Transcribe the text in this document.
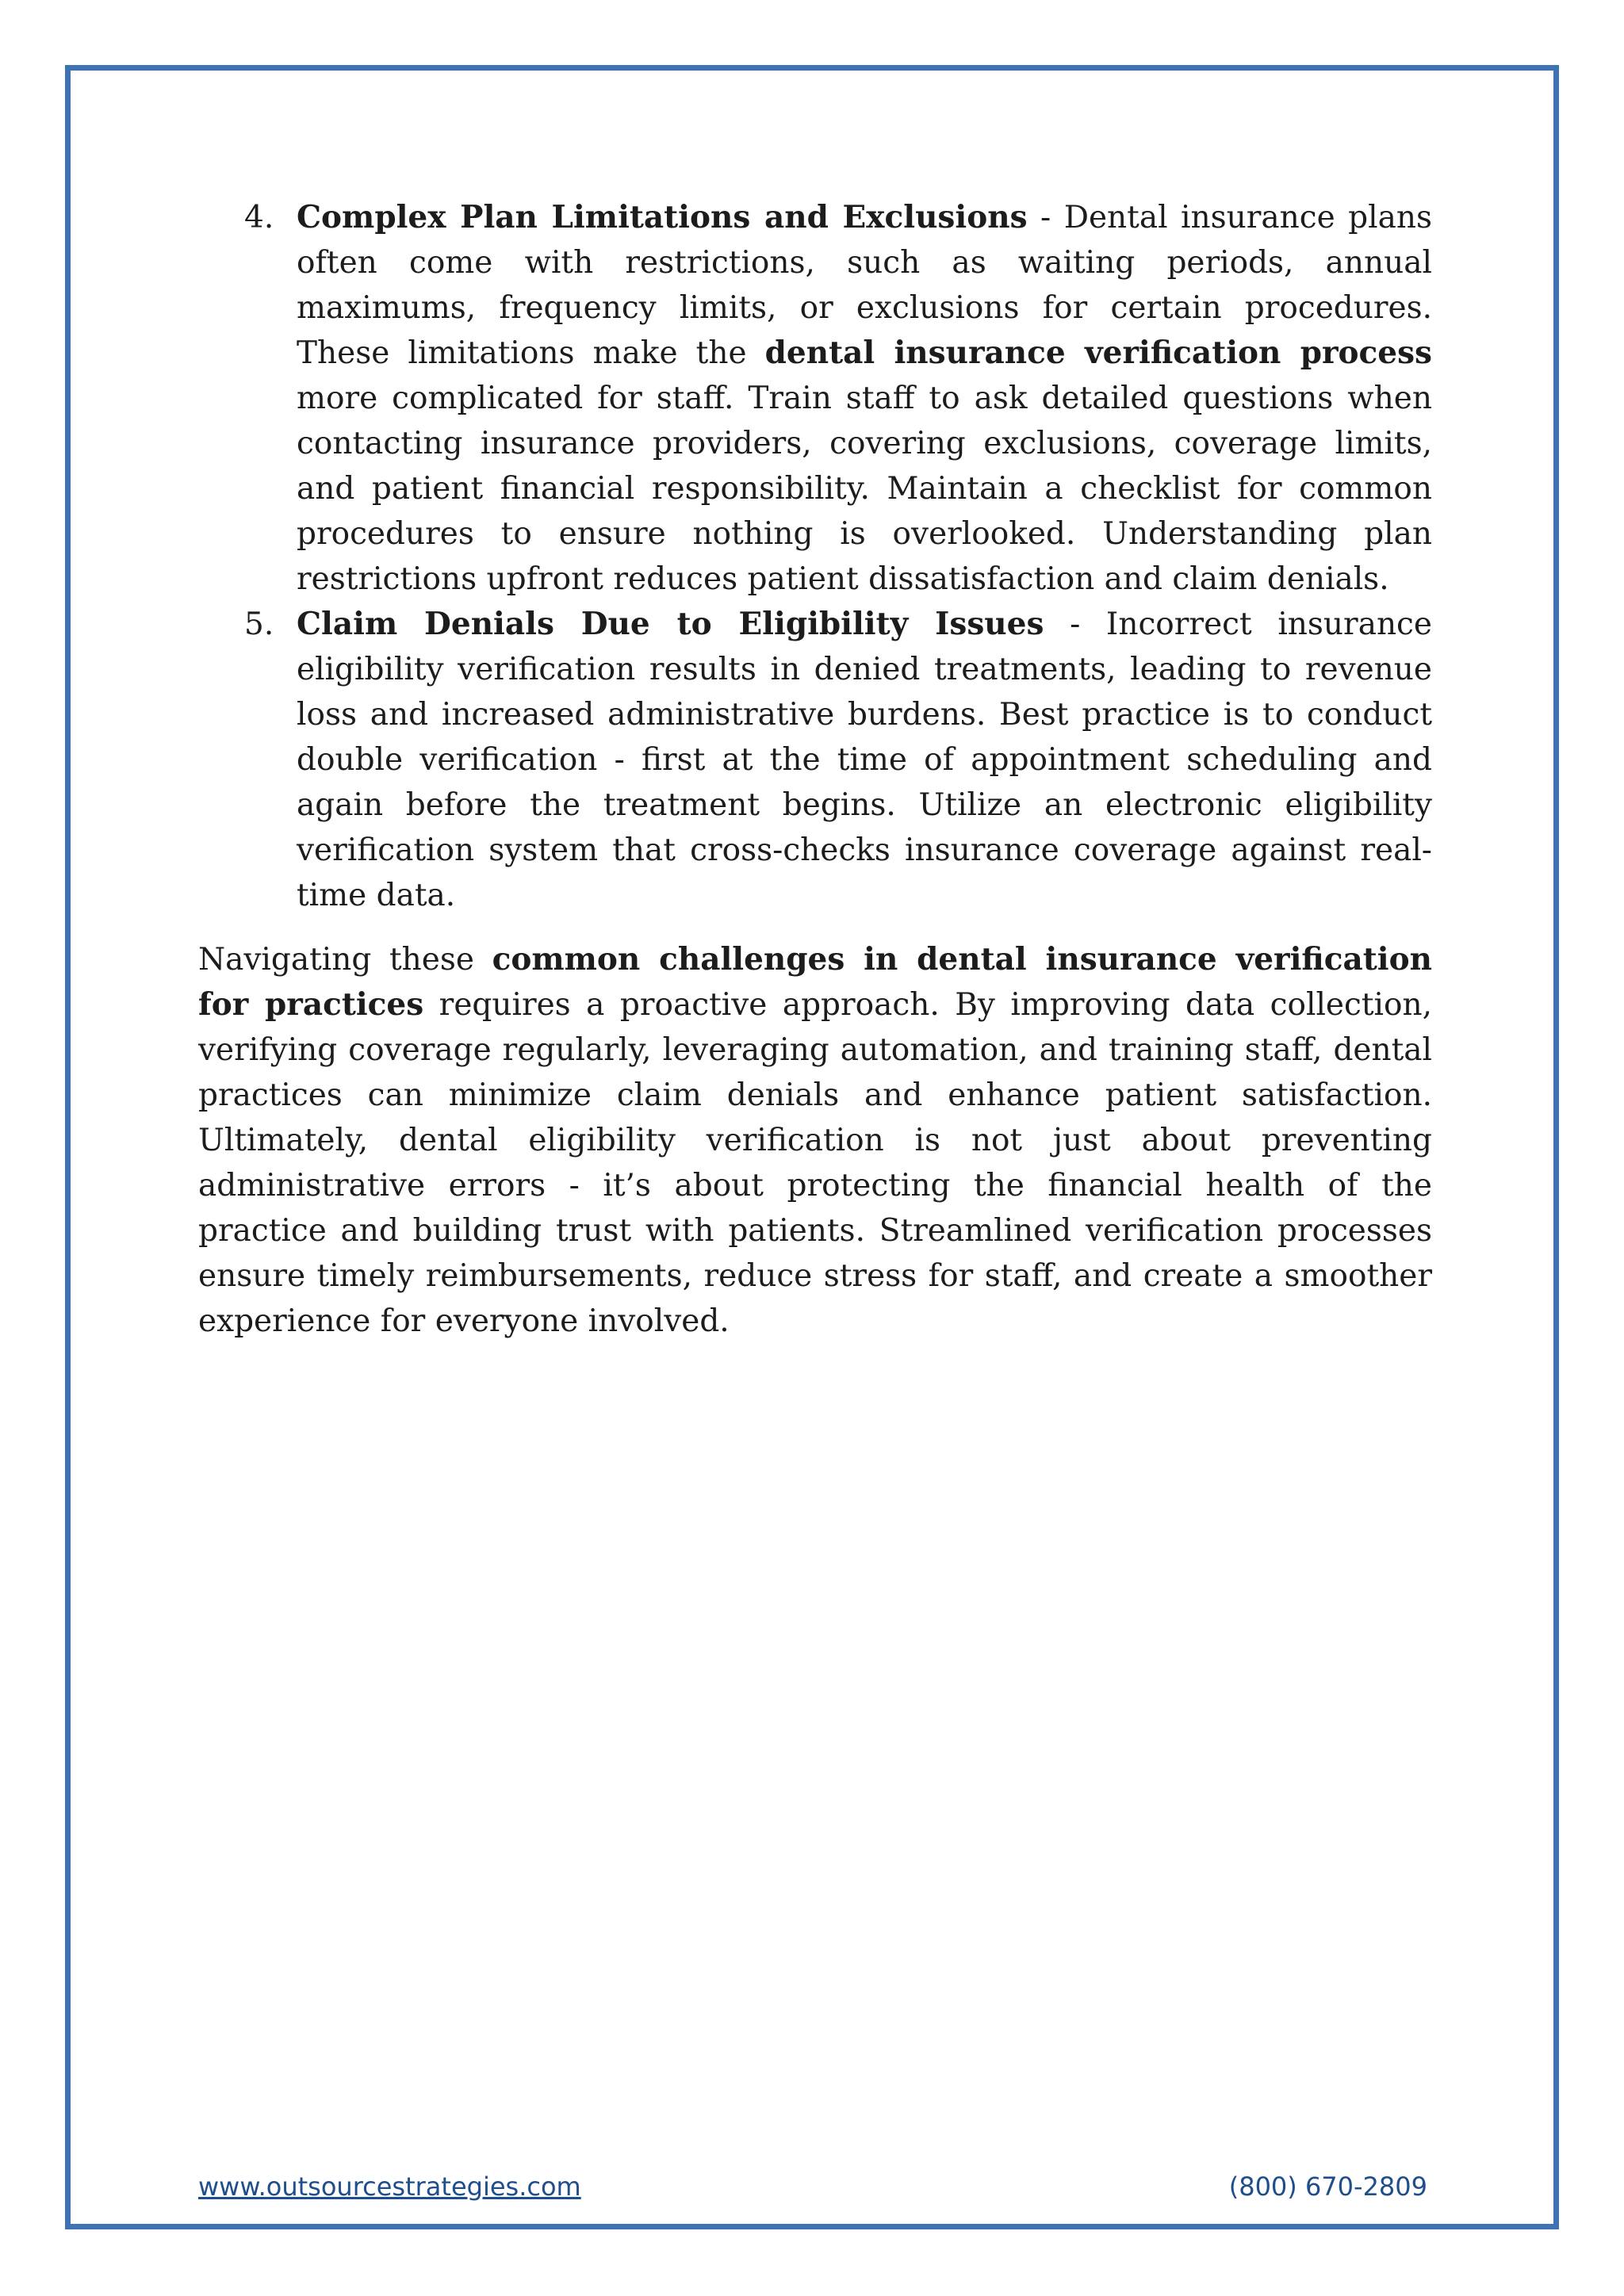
4. Complex Plan Limitations and Exclusions - Dental insurance plans often come with restrictions, such as waiting periods, annual maximums, frequency limits, or exclusions for certain procedures. These limitations make the dental insurance verification process more complicated for staff. Train staff to ask detailed questions when contacting insurance providers, covering exclusions, coverage limits, and patient financial responsibility. Maintain a checklist for common procedures to ensure nothing is overlooked. Understanding plan restrictions upfront reduces patient dissatisfaction and claim denials.
5. Claim Denials Due to Eligibility Issues - Incorrect insurance eligibility verification results in denied treatments, leading to revenue loss and increased administrative burdens. Best practice is to conduct double verification - first at the time of appointment scheduling and again before the treatment begins. Utilize an electronic eligibility verification system that cross-checks insurance coverage against real-time data.

Navigating these common challenges in dental insurance verification for practices requires a proactive approach. By improving data collection, verifying coverage regularly, leveraging automation, and training staff, dental practices can minimize claim denials and enhance patient satisfaction. Ultimately, dental eligibility verification is not just about preventing administrative errors - it’s about protecting the financial health of the practice and building trust with patients. Streamlined verification processes ensure timely reimbursements, reduce stress for staff, and create a smoother experience for everyone involved.

www.outsourcestrategies.com	(800) 670-2809
